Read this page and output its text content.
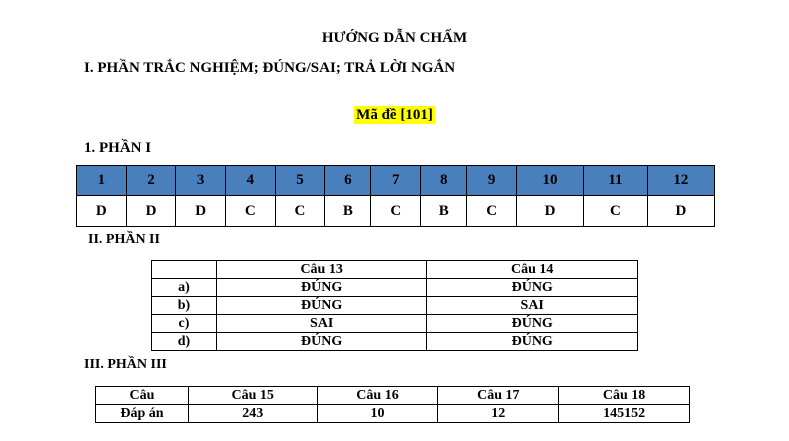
HƯỚNG DẪN CHẤM
I. PHẦN TRẮC NGHIỆM; ĐÚNG/SAI; TRẢ LỜI NGẮN
Mã đề [101]
1. PHẦN I
1	2	3	4	5	6	7	8	9	10	11	12
D	D	D	C	C	B	C	B	C	D	C	D
II. PHẦN II
	Câu 13	Câu 14
a)	ĐÚNG	ĐÚNG
b)	ĐÚNG	SAI
c)	SAI	ĐÚNG
d)	ĐÚNG	ĐÚNG
III. PHẦN III
Câu	Câu 15	Câu 16	Câu 17	Câu 18
Đáp án	243	10	12	145152
